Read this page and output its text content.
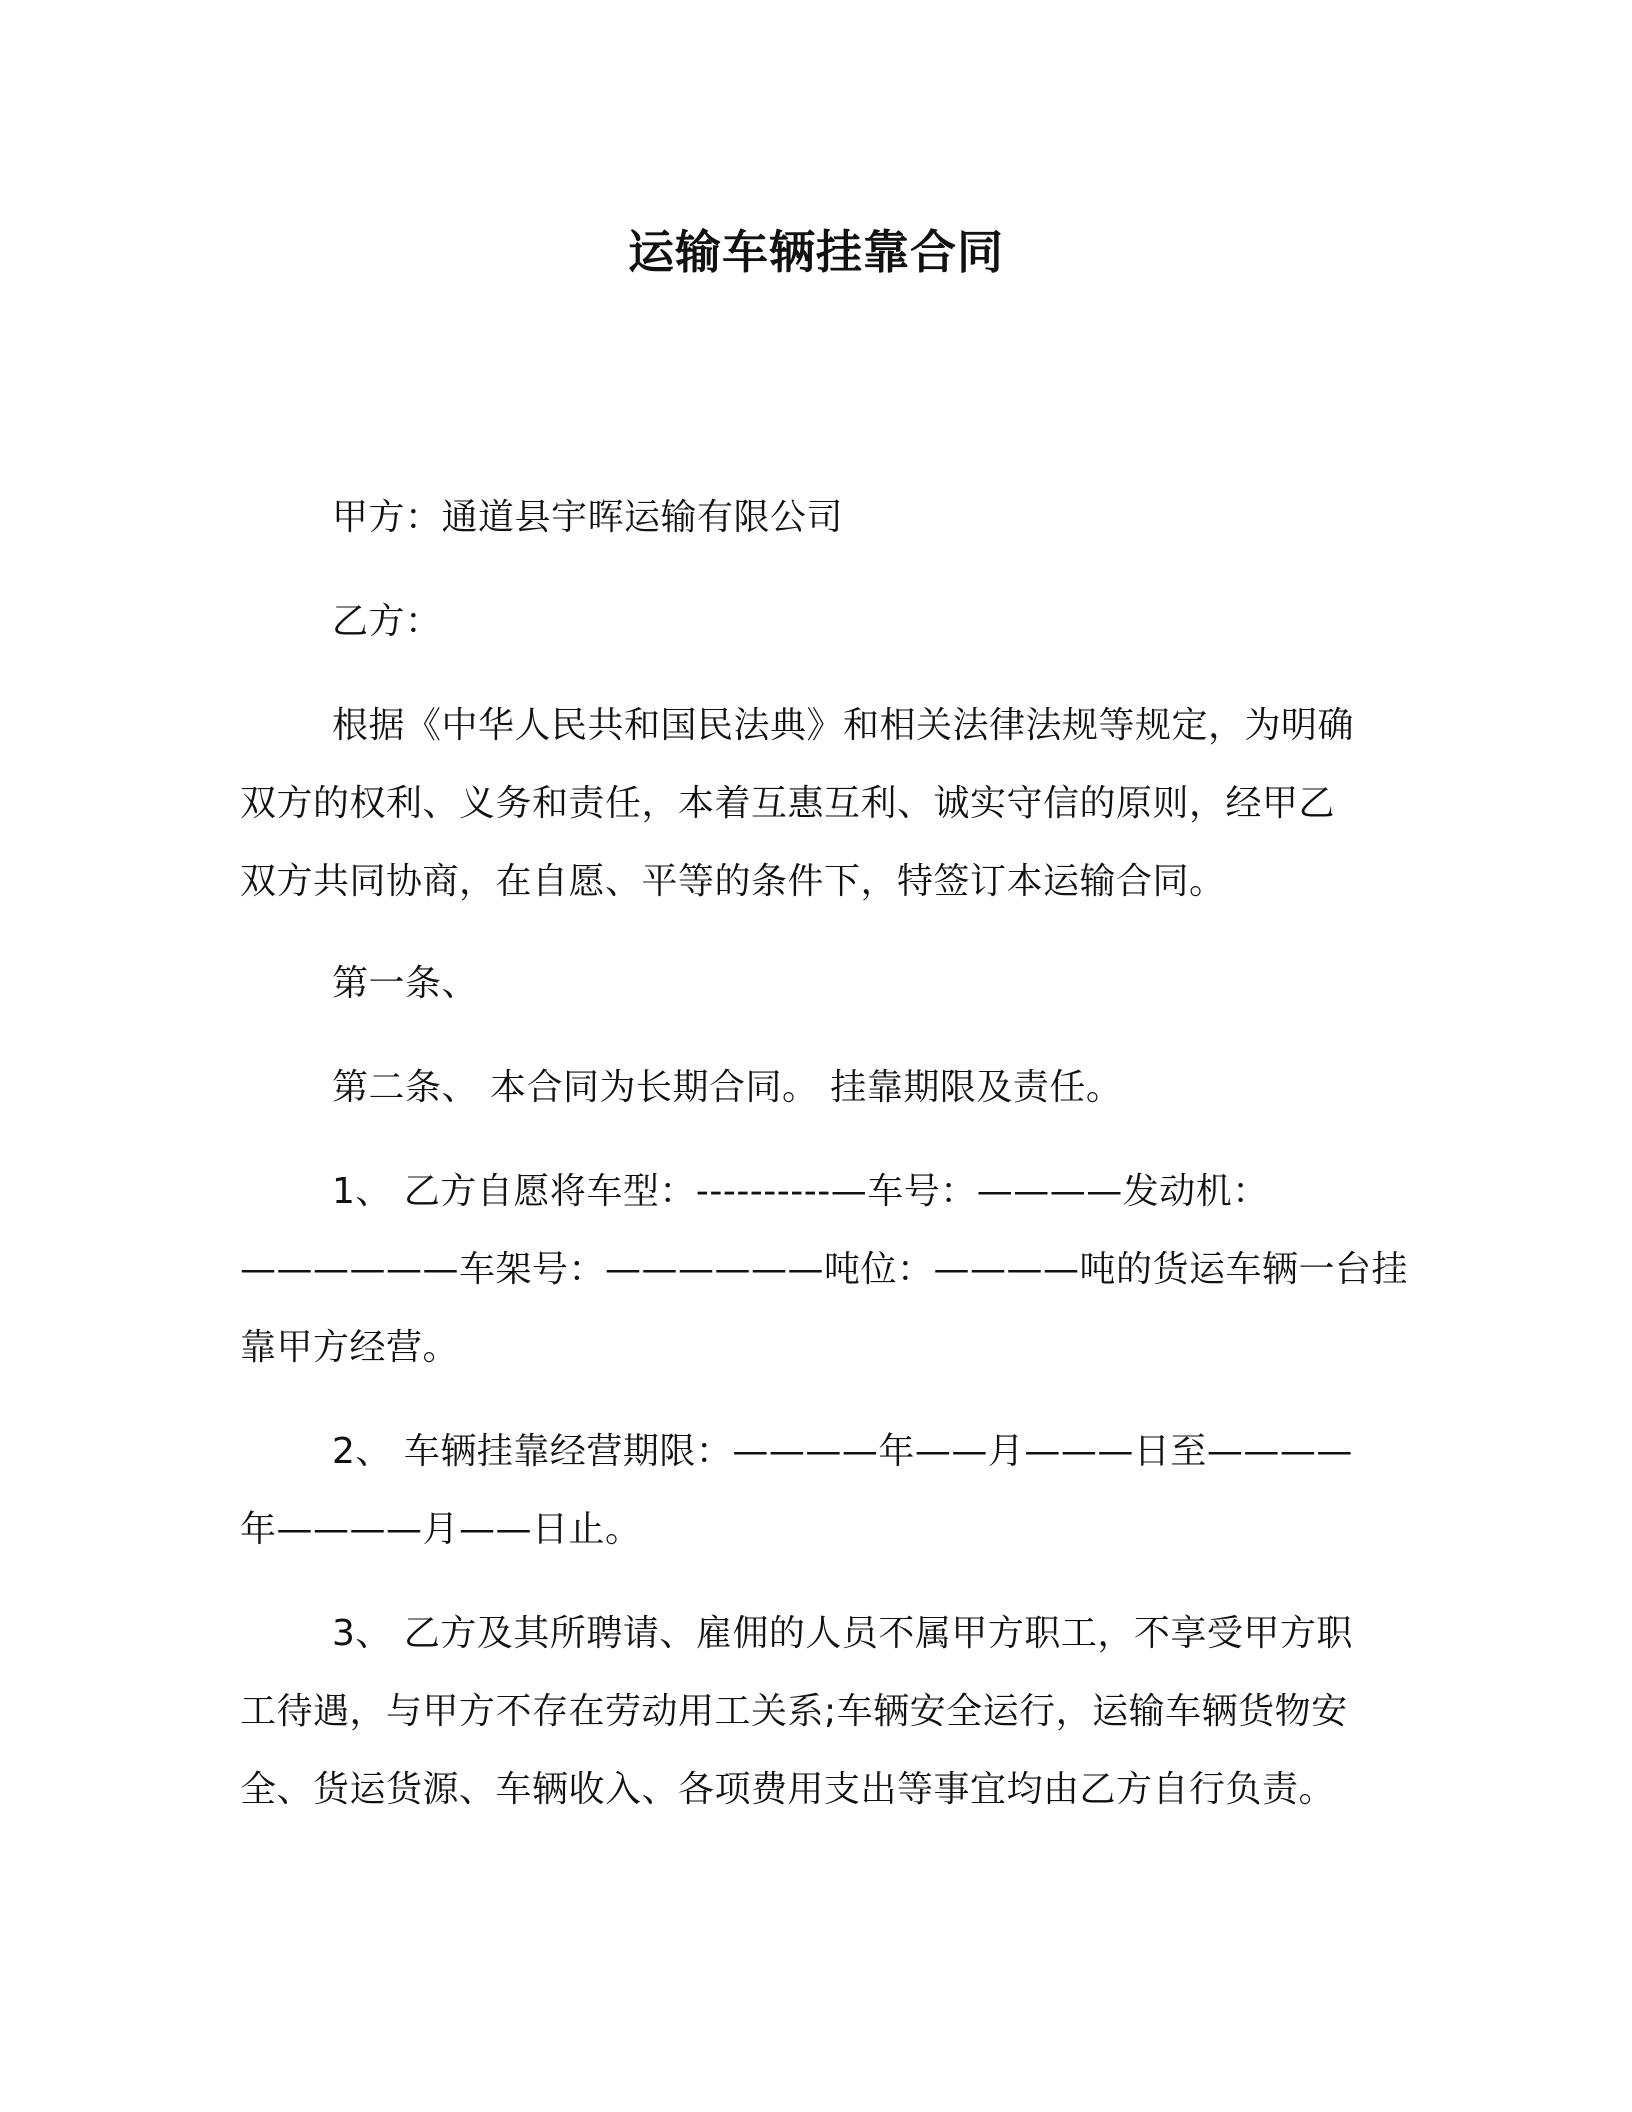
运输车辆挂靠合同
甲方：通道县宇晖运输有限公司
乙方：
根据《中华人民共和国民法典》和相关法律法规等规定，为明确
双方的权利、义务和责任，本着互惠互利、诚实守信的原则，经甲乙
双方共同协商，在自愿、平等的条件下，特签订本运输合同。
第一条、
第二条、 本合同为长期合同。 挂靠期限及责任。
1、 乙方自愿将车型：----------—车号：————发动机：
——————车架号：——————吨位：————吨的货运车辆一台挂
靠甲方经营。
2、 车辆挂靠经营期限：————年——月———日至————
年————月——日止。
3、 乙方及其所聘请、雇佣的人员不属甲方职工，不享受甲方职
工待遇，与甲方不存在劳动用工关系;车辆安全运行，运输车辆货物安
全、货运货源、车辆收入、各项费用支出等事宜均由乙方自行负责。
